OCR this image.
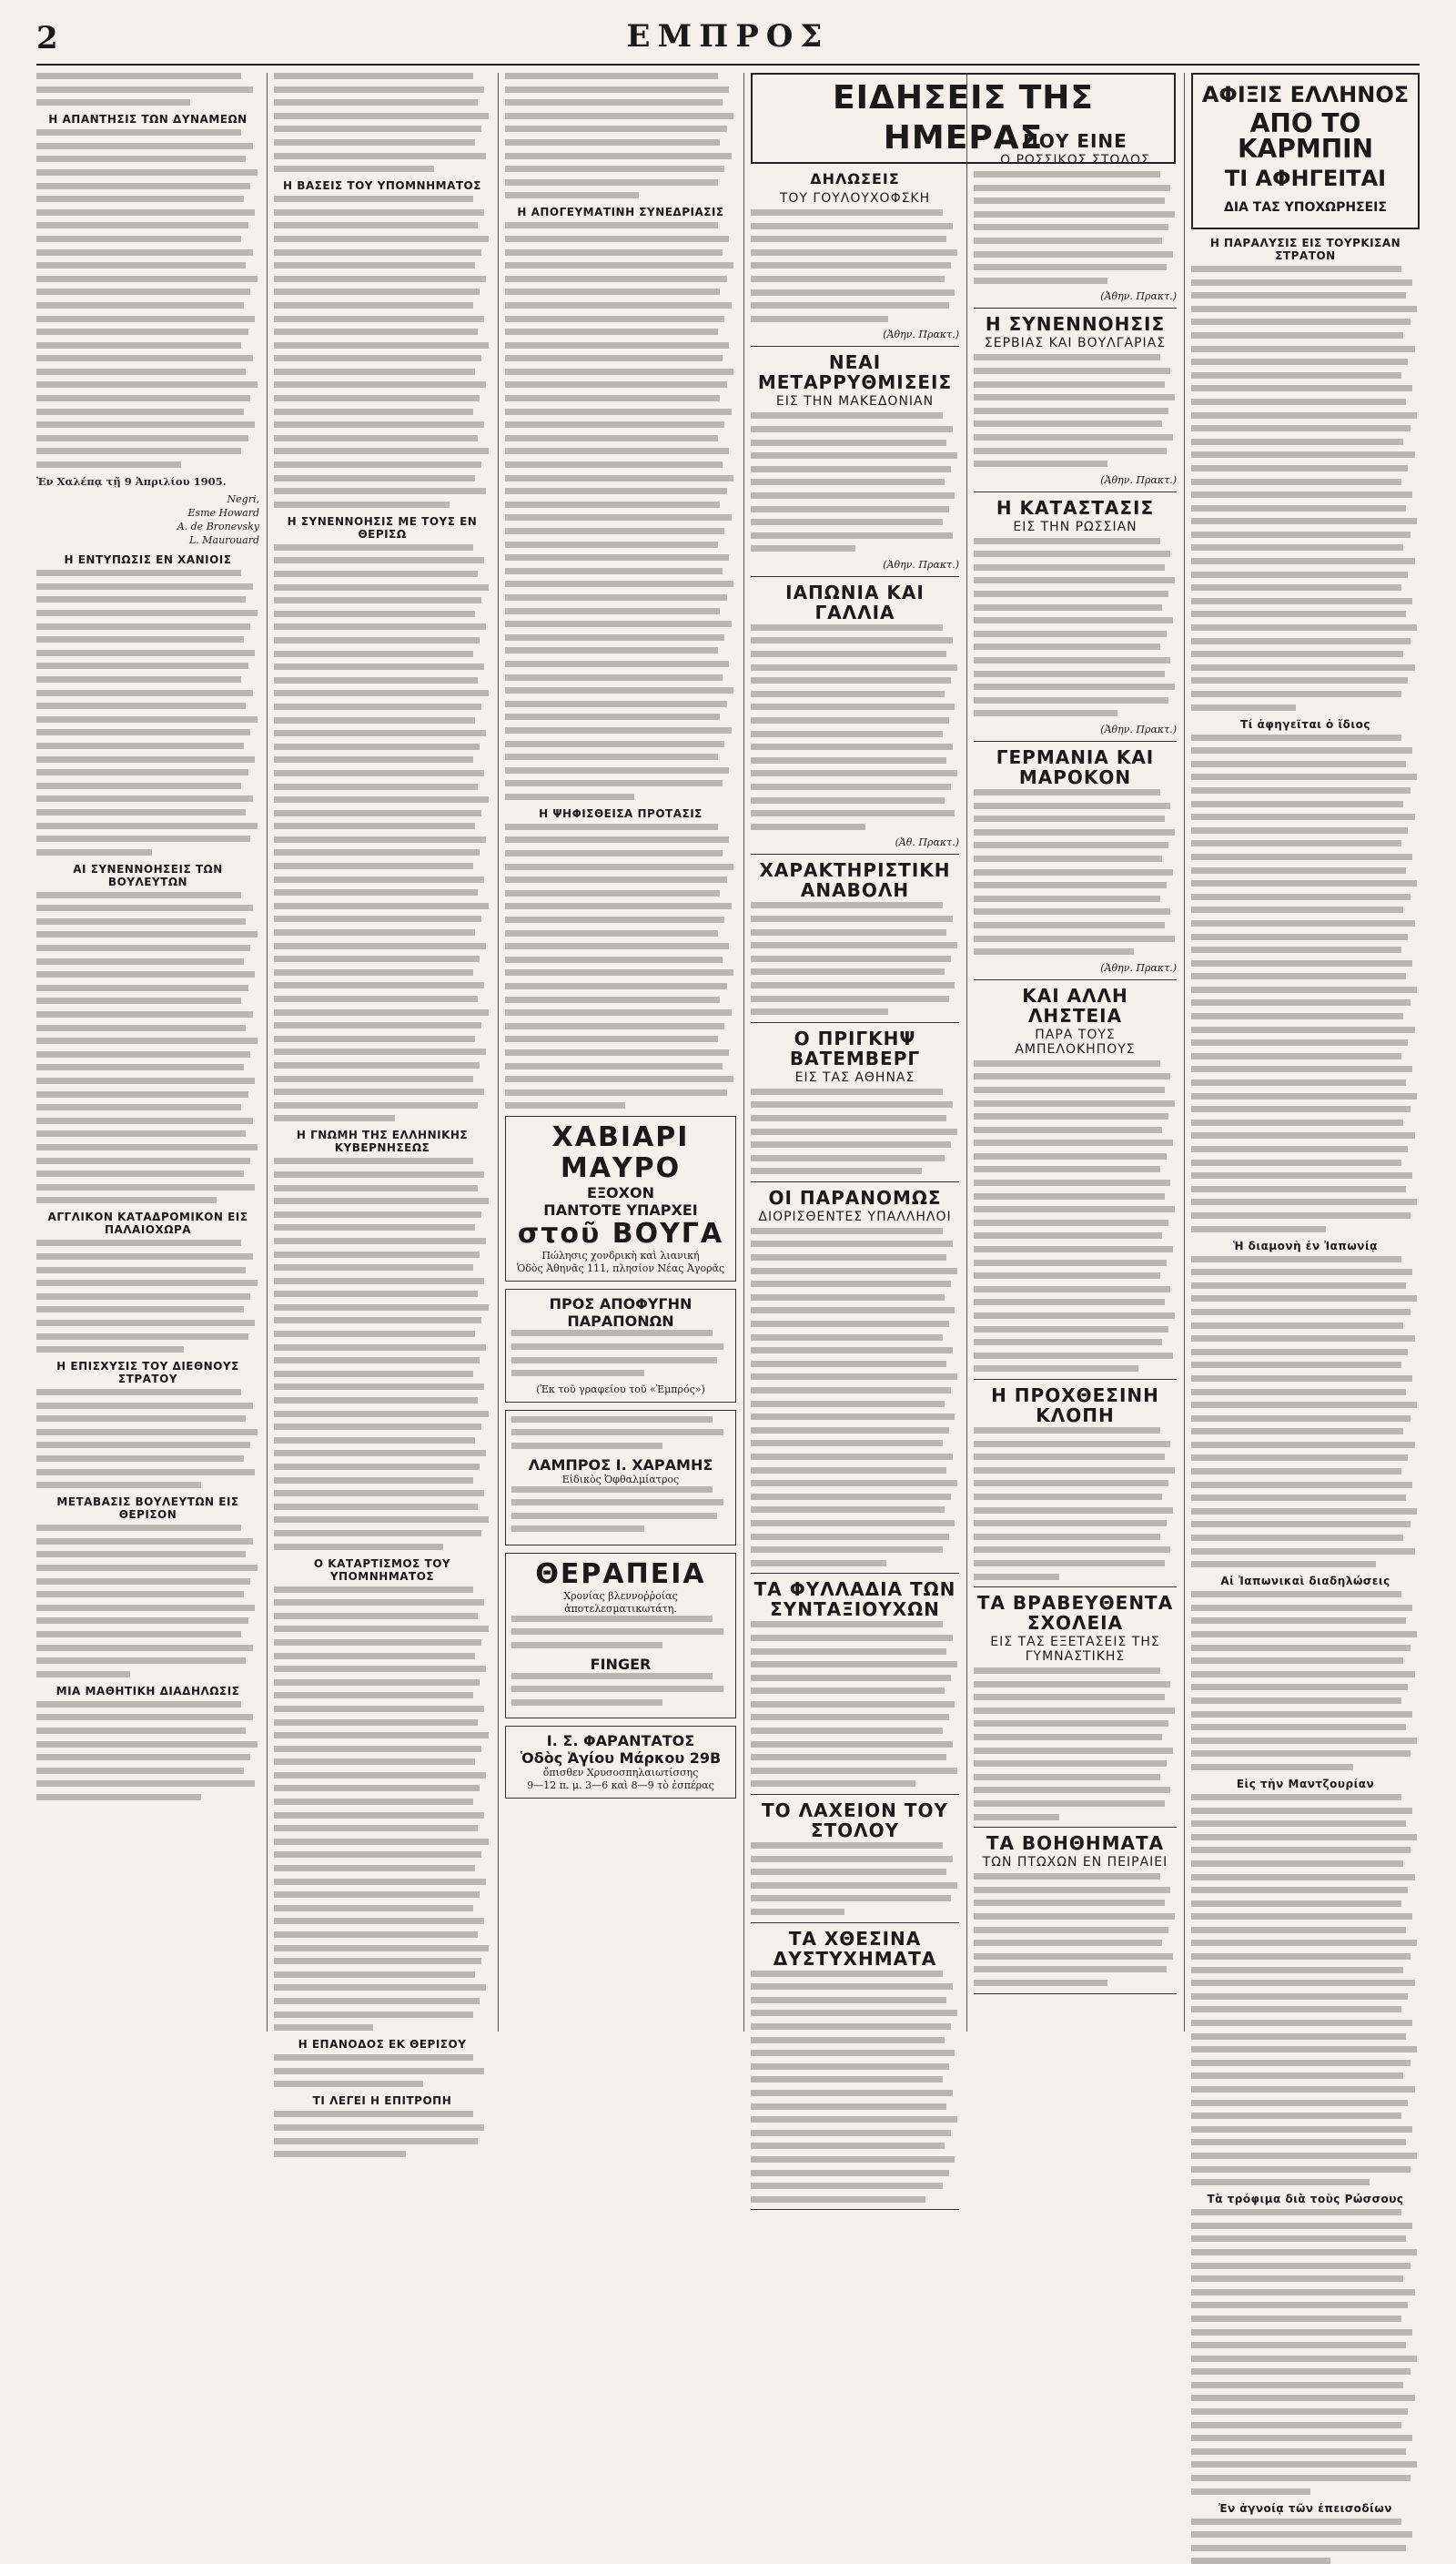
2	ΕΜΠΡΟΣ
Η ΑΠΑΝΤΗΣΙΣ ΤΩΝ ΔΥΝΑΜΕΩΝ
Ἐν Χαλέπᾳ τῇ 9 Ἀπριλίου 1905.
Negri,
Esme Howard
A. de Bronevsky
L. Maurouard
Η ΕΝΤΥΠΩΣΙΣ ΕΝ ΧΑΝΙΟΙΣ
ΑΙ ΣΥΝΕΝΝΟΗΣΕΙΣ ΤΩΝ ΒΟΥΛΕΥΤΩΝ
ΑΓΓΛΙΚΟΝ ΚΑΤΑΔΡΟΜΙΚΟΝ ΕΙΣ ΠΑΛΑΙΟΧΩΡΑ
Η ΕΠΙΣΧΥΣΙΣ ΤΟΥ ΔΙΕΘΝΟΥΣ ΣΤΡΑΤΟΥ
ΜΕΤΑΒΑΣΙΣ ΒΟΥΛΕΥΤΩΝ ΕΙΣ ΘΕΡΙΣΟΝ
ΜΙΑ ΜΑΘΗΤΙΚΗ ΔΙΑΔΗΛΩΣΙΣ
Η ΒΑΣΕΙΣ ΤΟΥ ΥΠΟΜΝΗΜΑΤΟΣ
Η ΣΥΝΕΝΝΟΗΣΙΣ ΜΕ ΤΟΥΣ ΕΝ ΘΕΡΙΣΩ
Η ΓΝΩΜΗ ΤΗΣ ΕΛΛΗΝΙΚΗΣ ΚΥΒΕΡΝΗΣΕΩΣ
Ο ΚΑΤΑΡΤΙΣΜΟΣ ΤΟΥ ΥΠΟΜΝΗΜΑΤΟΣ
Η ΕΠΑΝΟΔΟΣ ΕΚ ΘΕΡΙΣΟΥ
ΤΙ ΛΕΓΕΙ Η ΕΠΙΤΡΟΠΗ
Η ΑΠΟΓΕΥΜΑΤΙΝΗ ΣΥΝΕΔΡΙΑΣΙΣ
Η ΨΗΦΙΣΘΕΙΣΑ ΠΡΟΤΑΣΙΣ
ΧΑΒΙΑΡΙ ΜΑΥΡΟ
ΕΞΟΧΟΝ
ΠΑΝΤΟΤΕ ΥΠΑΡΧΕΙ
στοῦ ΒΟΥΓΑ
Πώλησις χονδρικὴ καὶ λιανική
Ὁδὸς Ἀθηνᾶς 111, πλησίον Νέας Ἀγορᾶς
ΠΡΟΣ ΑΠΟΦΥΓΗΝ
ΠΑΡΑΠΟΝΩΝ
(Ἐκ τοῦ γραφείου τοῦ «Ἐμπρός»)
ΛΑΜΠΡΟΣ Ι. ΧΑΡΑΜΗΣ
Εἰδικὸς Ὀφθαλμίατρος
ΘΕΡΑΠΕΙΑ
Χρονίας βλεννοῤῥοίας ἀποτελεσματικωτάτη.
FINGER
Ι. Σ. ΦΑΡΑΝΤΑΤΟΣ
Ὁδὸς Ἁγίου Μάρκου 29Β
ὄπισθεν Χρυσοσπηλαιωτίσσης
9—12 π. μ. 3—6 καὶ 8—9 τὸ ἑσπέρας
ΕΙΔΗΣΕΙΣ ΤΗΣ ΗΜΕΡΑΣ
ΔΗΛΩΣΕΙΣ
ΤΟΥ ΓΟΥΛΟΥΧΟΦΣΚΗ
(Ἀθην. Πρακτ.)
ΝΕΑΙ ΜΕΤΑΡΡΥΘΜΙΣΕΙΣ
ΕΙΣ ΤΗΝ ΜΑΚΕΔΟΝΙΑΝ
(Ἀθην. Πρακτ.)
ΙΑΠΩΝΙΑ ΚΑΙ ΓΑΛΛΙΑ
(Ἀθ. Πρακτ.)
ΧΑΡΑΚΤΗΡΙΣΤΙΚΗ ΑΝΑΒΟΛΗ
Ο ΠΡΙΓΚΗΨ ΒΑΤΕΜΒΕΡΓ
ΕΙΣ ΤΑΣ ΑΘΗΝΑΣ
ΟΙ ΠΑΡΑΝΟΜΩΣ
ΔΙΟΡΙΣΘΕΝΤΕΣ ΥΠΑΛΛΗΛΟΙ
ΤΑ ΦΥΛΛΑΔΙΑ ΤΩΝ ΣΥΝΤΑΞΙΟΥΧΩΝ
ΤΟ ΛΑΧΕΙΟΝ ΤΟΥ ΣΤΟΛΟΥ
ΤΑ ΧΘΕΣΙΝΑ ΔΥΣΤΥΧΗΜΑΤΑ
ΠΟΥ ΕΙΝΕ
Ο ΡΩΣΣΙΚΟΣ ΣΤΟΛΟΣ
(Ἀθην. Πρακτ.)
Η ΣΥΝΕΝΝΟΗΣΙΣ
ΣΕΡΒΙΑΣ ΚΑΙ ΒΟΥΛΓΑΡΙΑΣ
(Ἀθην. Πρακτ.)
Η ΚΑΤΑΣΤΑΣΙΣ
ΕΙΣ ΤΗΝ ΡΩΣΣΙΑΝ
(Ἀθην. Πρακτ.)
ΓΕΡΜΑΝΙΑ ΚΑΙ ΜΑΡΟΚΟΝ
(Ἀθην. Πρακτ.)
ΚΑΙ ΑΛΛΗ ΛΗΣΤΕΙΑ
ΠΑΡΑ ΤΟΥΣ ΑΜΠΕΛΟΚΗΠΟΥΣ
Η ΠΡΟΧΘΕΣΙΝΗ ΚΛΟΠΗ
ΤΑ ΒΡΑΒΕΥΘΕΝΤΑ ΣΧΟΛΕΙΑ
ΕΙΣ ΤΑΣ ΕΞΕΤΑΣΕΙΣ ΤΗΣ ΓΥΜΝΑΣΤΙΚΗΣ
ΤΑ ΒΟΗΘΗΜΑΤΑ
ΤΩΝ ΠΤΩΧΩΝ ΕΝ ΠΕΙΡΑΙΕΙ
ΑΦΙΞΙΣ ΕΛΛΗΝΟΣ
ΑΠΟ ΤΟ ΚΑΡΜΠΙΝ
ΤΙ ΑΦΗΓΕΙΤΑΙ
ΔΙΑ ΤΑΣ ΥΠΟΧΩΡΗΣΕΙΣ
Η ΠΑΡΑΛΥΣΙΣ ΕΙΣ ΤΟΥΡΚΙΣΑΝ ΣΤΡΑΤΟΝ
Τί ἀφηγεῖται ὁ ἴδιος
Ἡ διαμονὴ ἐν Ἰαπωνίᾳ
Αἱ Ἰαπωνικαὶ διαδηλώσεις
Εἰς τὴν Μαντζουρίαν
Τὰ τρόφιμα διὰ τοὺς Ρώσσους
Ἐν ἀγνοίᾳ τῶν ἐπεισοδίων
